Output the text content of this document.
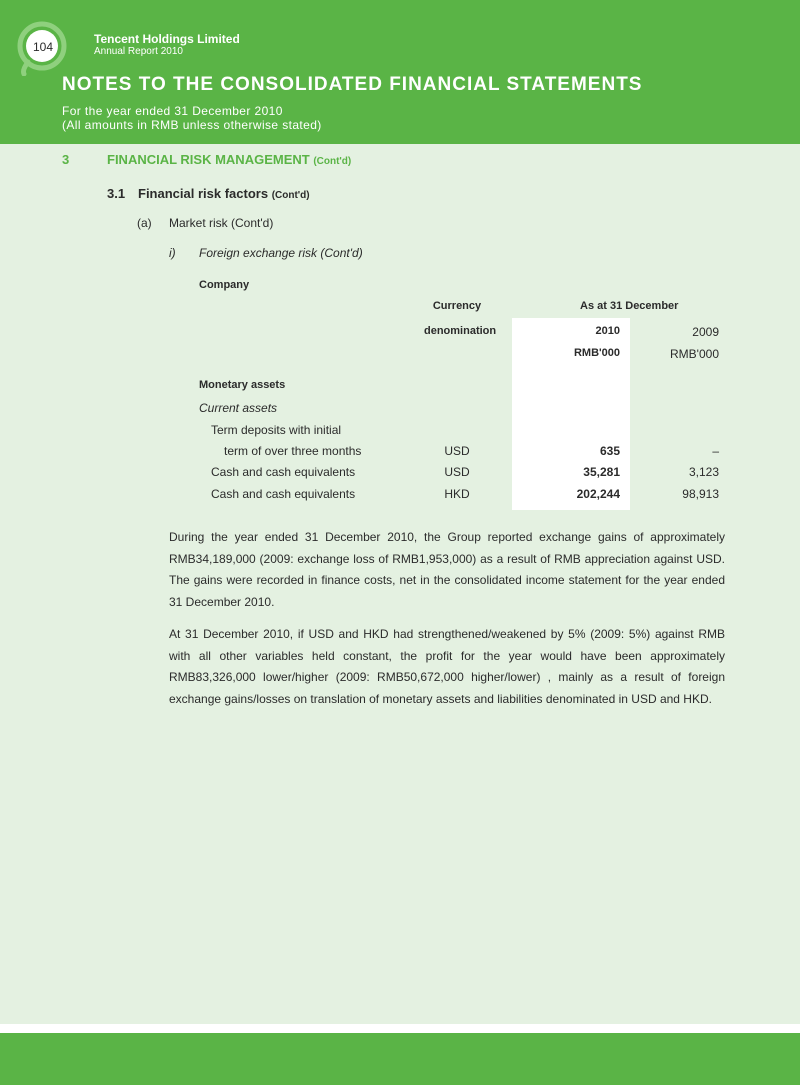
104
Tencent Holdings Limited
Annual Report 2010
NOTES TO THE CONSOLIDATED FINANCIAL STATEMENTS
For the year ended 31 December 2010
(All amounts in RMB unless otherwise stated)
3	FINANCIAL RISK MANAGEMENT (Cont'd)
3.1 Financial risk factors (Cont'd)
(a) Market risk (Cont'd)
i) Foreign exchange risk (Cont'd)
Company
Currency
denomination
As at 31 December
2010	2009
RMB'000	RMB'000
Monetary assets
Current assets
Term deposits with initial
term of over three months	USD	635	–
Cash and cash equivalents	USD	35,281	3,123
Cash and cash equivalents	HKD	202,244	98,913
During the year ended 31 December 2010, the Group reported exchange gains of approximately RMB34,189,000 (2009: exchange loss of RMB1,953,000) as a result of RMB appreciation against USD. The gains were recorded in finance costs, net in the consolidated income statement for the year ended 31 December 2010.
At 31 December 2010, if USD and HKD had strengthened/weakened by 5% (2009: 5%) against RMB with all other variables held constant, the profit for the year would have been approximately RMB83,326,000 lower/higher (2009: RMB50,672,000 higher/lower) , mainly as a result of foreign exchange gains/losses on translation of monetary assets and liabilities denominated in USD and HKD.
